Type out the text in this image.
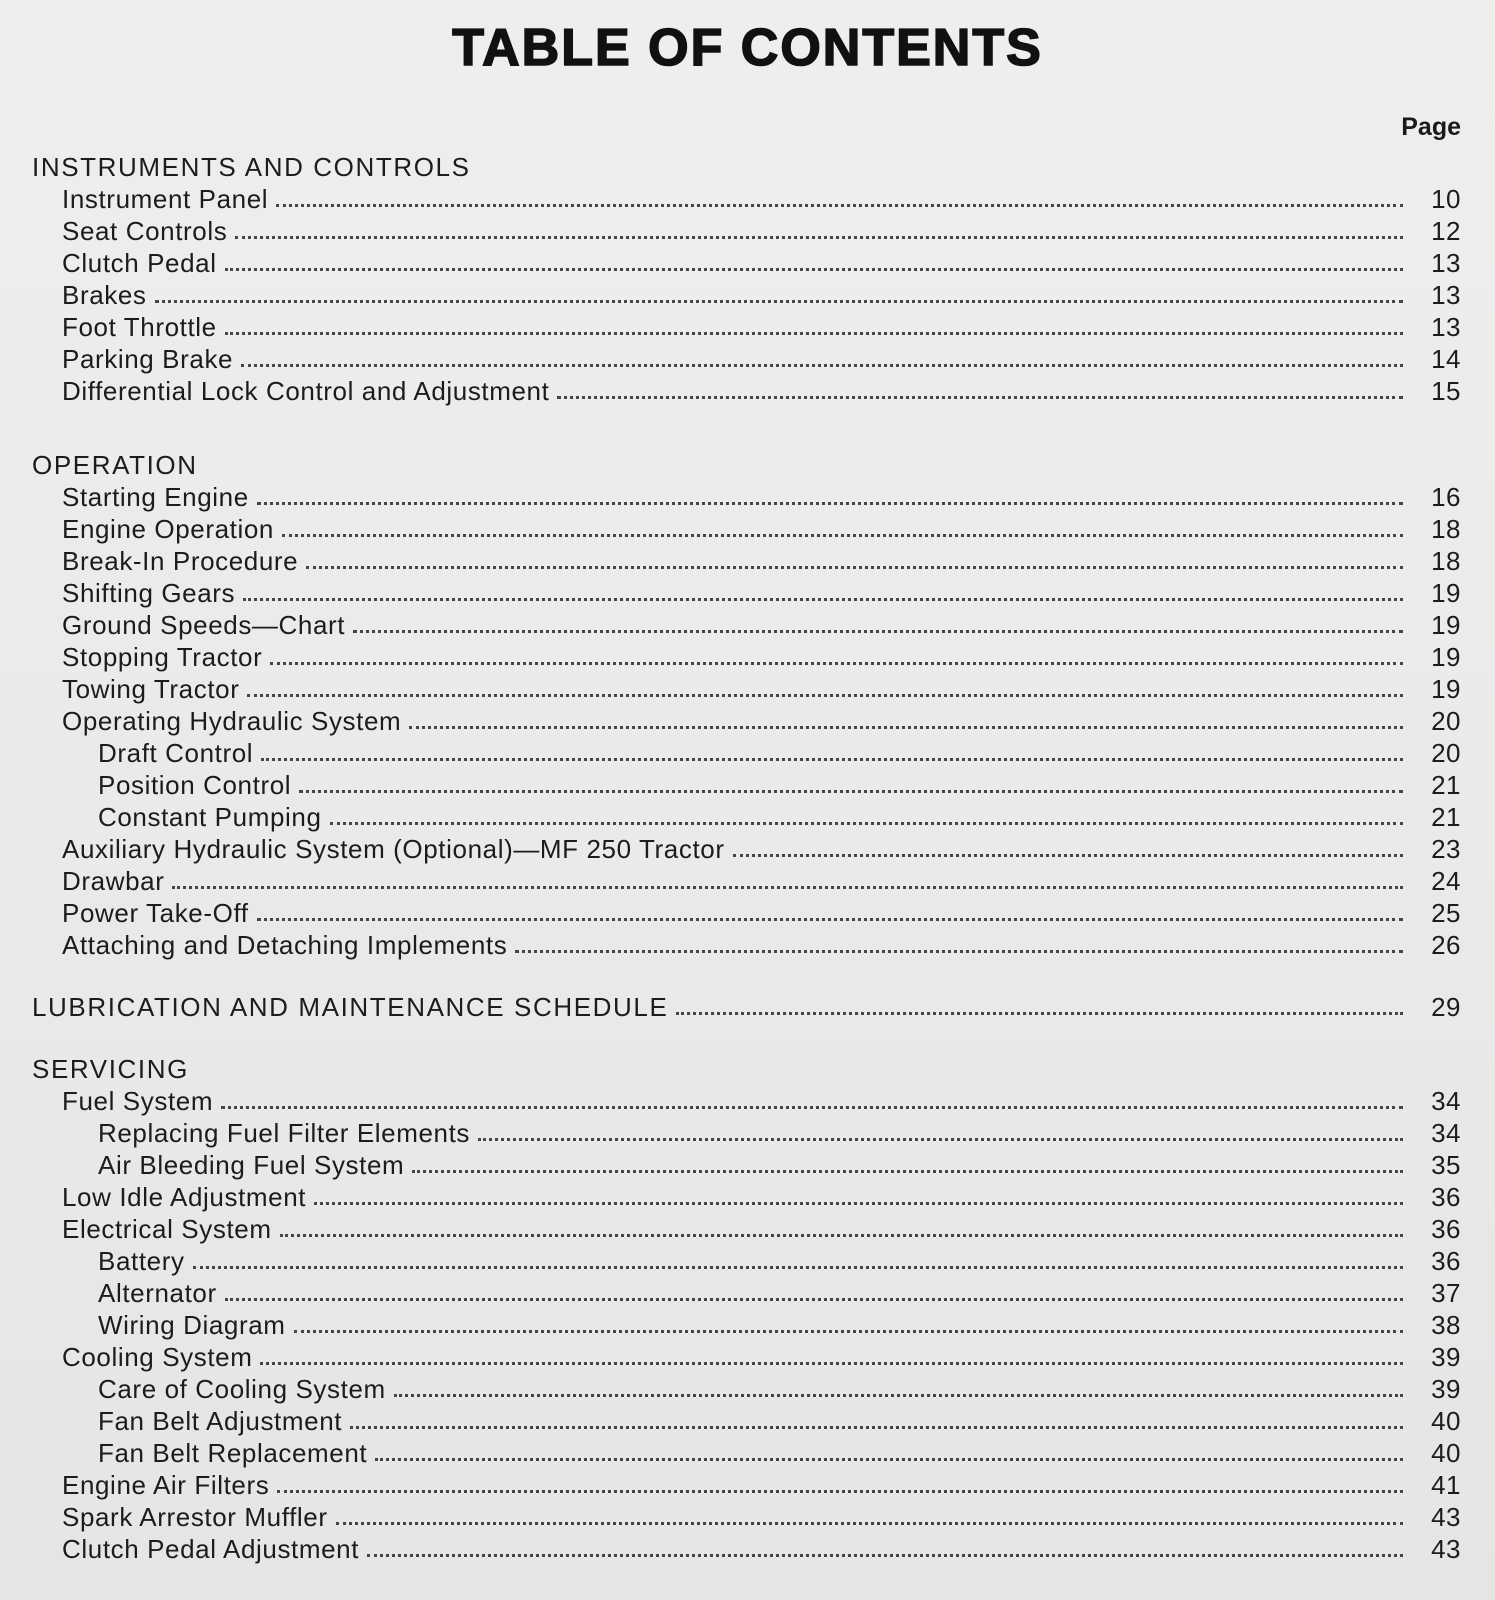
TABLE OF CONTENTS
Page
INSTRUMENTS AND CONTROLS
Instrument Panel	10
Seat Controls	12
Clutch Pedal	13
Brakes	13
Foot Throttle	13
Parking Brake	14
Differential Lock Control and Adjustment	15
OPERATION
Starting Engine	16
Engine Operation	18
Break-In Procedure	18
Shifting Gears	19
Ground Speeds—Chart	19
Stopping Tractor	19
Towing Tractor	19
Operating Hydraulic System	20
Draft Control	20
Position Control	21
Constant Pumping	21
Auxiliary Hydraulic System (Optional)—MF 250 Tractor	23
Drawbar	24
Power Take-Off	25
Attaching and Detaching Implements	26
LUBRICATION AND MAINTENANCE SCHEDULE	29
SERVICING
Fuel System	34
Replacing Fuel Filter Elements	34
Air Bleeding Fuel System	35
Low Idle Adjustment	36
Electrical System	36
Battery	36
Alternator	37
Wiring Diagram	38
Cooling System	39
Care of Cooling System	39
Fan Belt Adjustment	40
Fan Belt Replacement	40
Engine Air Filters	41
Spark Arrestor Muffler	43
Clutch Pedal Adjustment	43
